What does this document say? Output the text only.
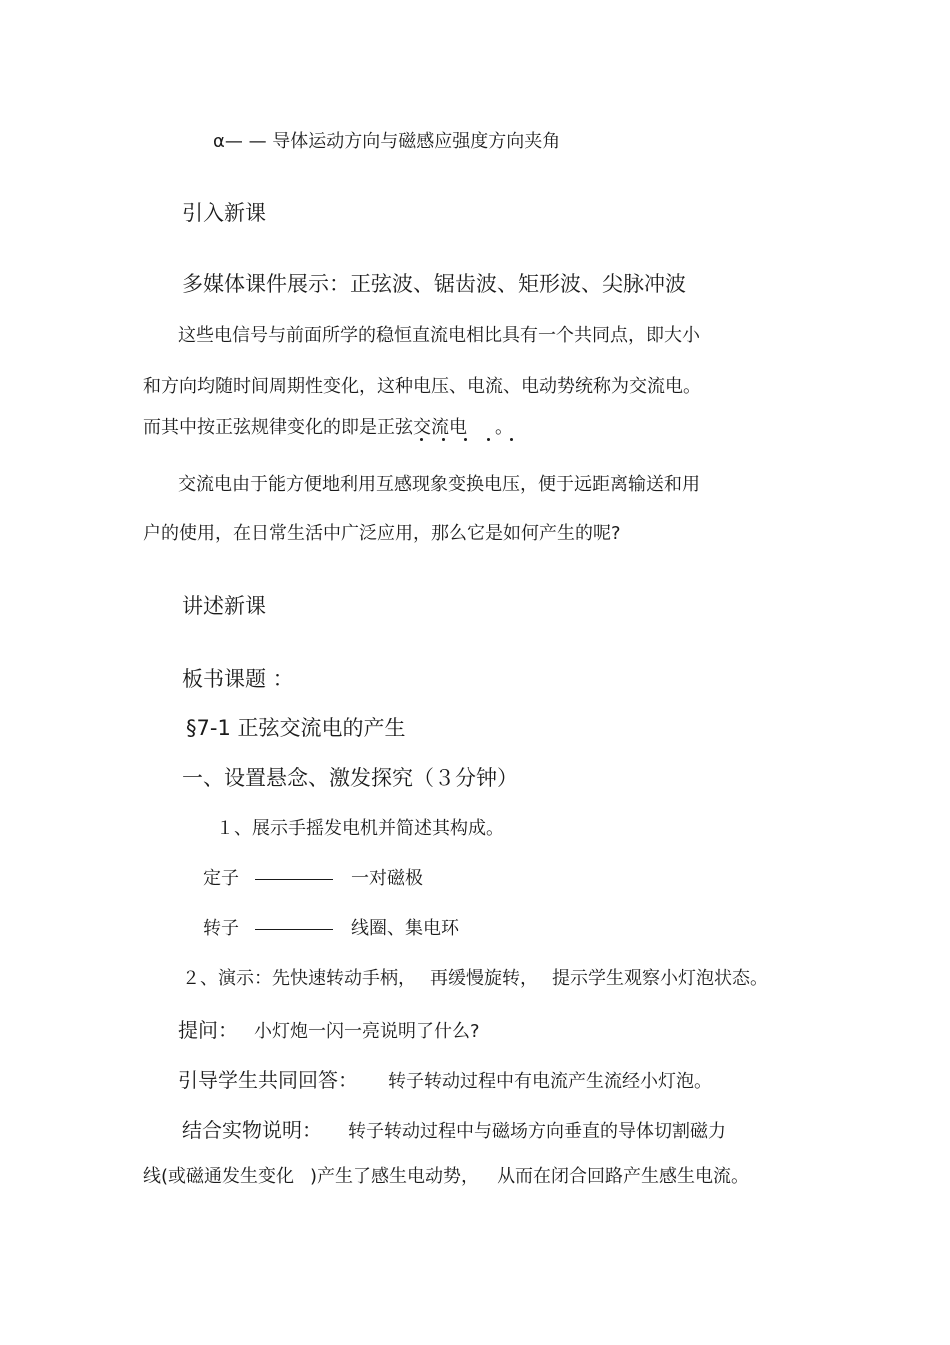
α— — 导体运动方向与磁感应强度方向夹角
引入新课
多媒体课件展示：正弦波、锯齿波、矩形波、尖脉冲波
这些电信号与前面所学的稳恒直流电相比具有一个共同点，即大小
和方向均随时间周期性变化，这种电压、电流、电动势统称为交流电。
而其中按正弦规律变化的即是正弦交流电 。
交流电由于能方便地利用互感现象变换电压，便于远距离输送和用
户的使用，在日常生活中广泛应用，那么它是如何产生的呢?
讲述新课
板书课题 ：
§7-1 正弦交流电的产生
一、设置悬念、激发探究（３分钟）
１、展示手摇发电机并简述其构成。
定子	一对磁极
转子	线圈、集电环
２、演示：先快速转动手柄， 再缓慢旋转， 提示学生观察小灯泡状态。
提问： 小灯炮一闪一亮说明了什么?
引导学生共同回答： 转子转动过程中有电流产生流经小灯泡。
结合实物说明： 转子转动过程中与磁场方向垂直的导体切割磁力
线(或磁通发生变化 )产生了感生电动势， 从而在闭合回路产生感生电流。
